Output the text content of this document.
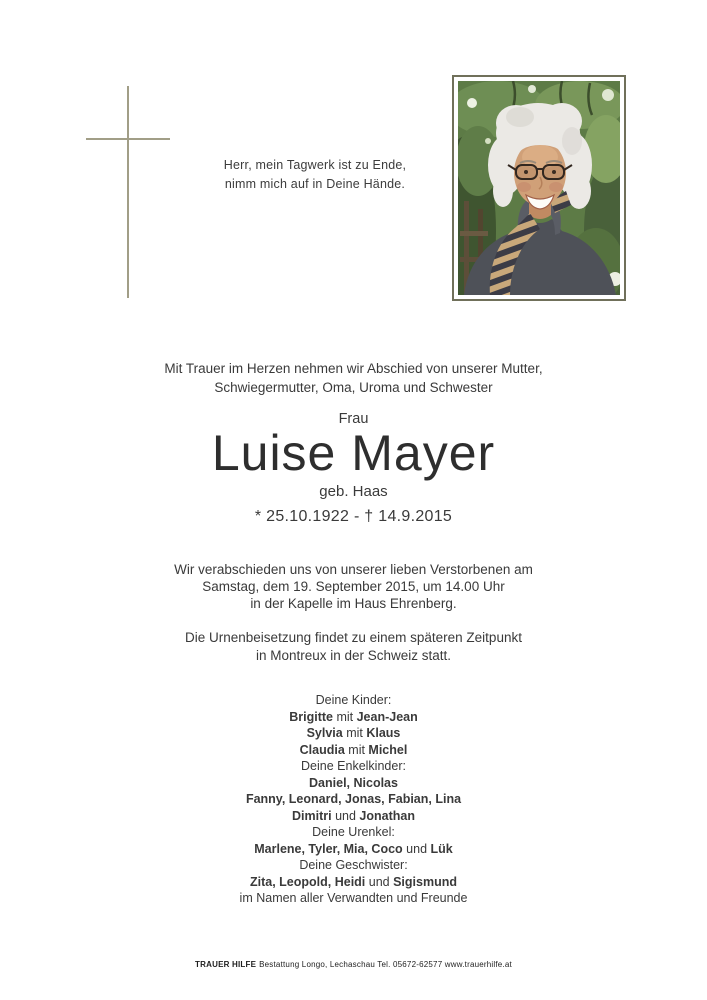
Herr, mein Tagwerk ist zu Ende,
nimm mich auf in Deine Hände.
Mit Trauer im Herzen nehmen wir Abschied von unserer Mutter,
Schwiegermutter, Oma, Uroma und Schwester
Frau
Luise Mayer
geb. Haas
* 25.10.1922 - † 14.9.2015
Wir verabschieden uns von unserer lieben Verstorbenen am
Samstag, dem 19. September 2015, um 14.00 Uhr
in der Kapelle im Haus Ehrenberg.
Die Urnenbeisetzung findet zu einem späteren Zeitpunkt
in Montreux in der Schweiz statt.
Deine Kinder:
Brigitte mit Jean-Jean
Sylvia mit Klaus
Claudia mit Michel
Deine Enkelkinder:
Daniel, Nicolas
Fanny, Leonard, Jonas, Fabian, Lina
Dimitri und Jonathan
Deine Urenkel:
Marlene, Tyler, Mia, Coco und Lük
Deine Geschwister:
Zita, Leopold, Heidi und Sigismund
im Namen aller Verwandten und Freunde
TRAUER HILFE Bestattung Longo, Lechaschau Tel. 05672-62577 www.trauerhilfe.at
